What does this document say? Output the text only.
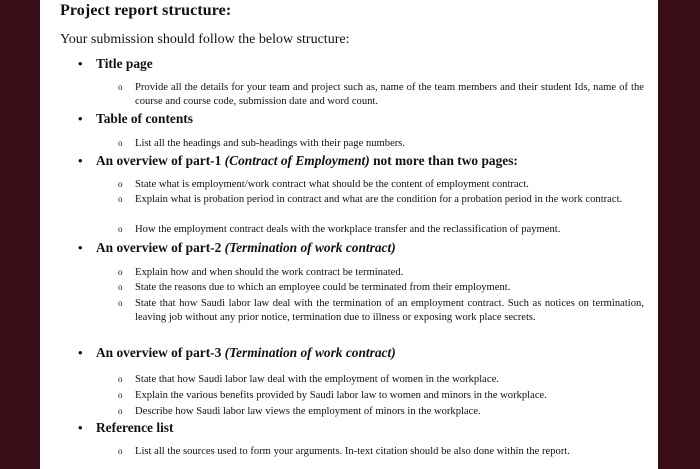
Project report structure:
Your submission should follow the below structure:
• Title page
o Provide all the details for your team and project such as, name of the team members and their student Ids, name of the course and course code, submission date and word count.
• Table of contents
o List all the headings and sub-headings with their page numbers.
• An overview of part-1 (Contract of Employment) not more than two pages:
o State what is employment/work contract what should be the content of employment contract.
o Explain what is probation period in contract and what are the condition for a probation period in the work contract.
o How the employment contract deals with the workplace transfer and the reclassification of payment.
• An overview of part-2 (Termination of work contract)
o Explain how and when should the work contract be terminated.
o State the reasons due to which an employee could be terminated from their employment.
o State that how Saudi labor law deal with the termination of an employment contract. Such as notices on termination, leaving job without any prior notice, termination due to illness or exposing work place secrets.
• An overview of part-3 (Termination of work contract)
o State that how Saudi labor law deal with the employment of women in the workplace.
o Explain the various benefits provided by Saudi labor law to women and minors in the workplace.
o Describe how Saudi labor law views the employment of minors in the workplace.
• Reference list
o List all the sources used to form your arguments. In-text citation should be also done within the report.
